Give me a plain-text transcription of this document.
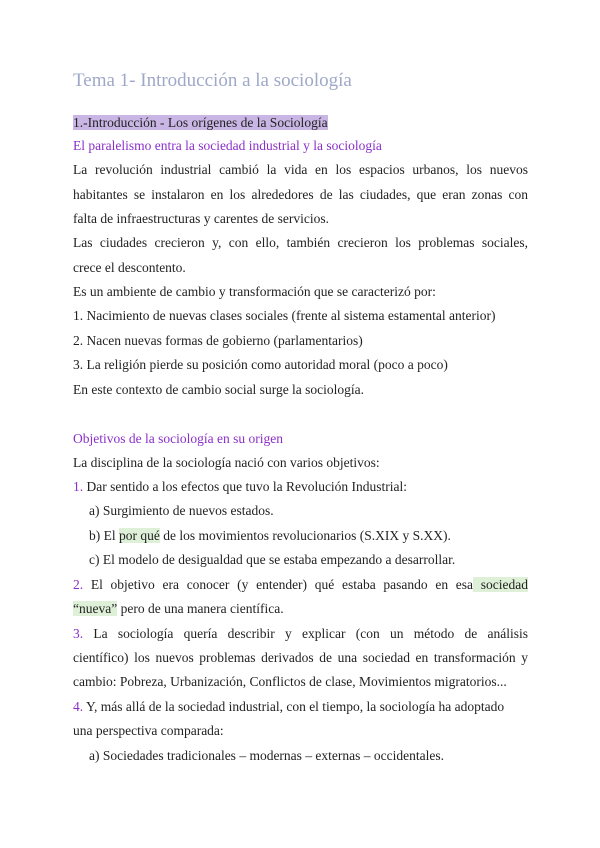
Tema 1- Introducción a la sociología
1.-Introducción - Los orígenes de la Sociología
El paralelismo entra la sociedad industrial y la sociología
La revolución industrial cambió la vida en los espacios urbanos, los nuevos
habitantes se instalaron en los alrededores de las ciudades, que eran zonas con
falta de infraestructuras y carentes de servicios.
Las ciudades crecieron y, con ello, también crecieron los problemas sociales,
crece el descontento.
Es un ambiente de cambio y transformación que se caracterizó por:
1. Nacimiento de nuevas clases sociales (frente al sistema estamental anterior)
2. Nacen nuevas formas de gobierno (parlamentarios)
3. La religión pierde su posición como autoridad moral (poco a poco)
En este contexto de cambio social surge la sociología.
Objetivos de la sociología en su origen
La disciplina de la sociología nació con varios objetivos:
1. Dar sentido a los efectos que tuvo la Revolución Industrial:
a) Surgimiento de nuevos estados.
b) El por qué de los movimientos revolucionarios (S.XIX y S.XX).
c) El modelo de desigualdad que se estaba empezando a desarrollar.
2. El objetivo era conocer (y entender) qué estaba pasando en esa sociedad
“nueva” pero de una manera científica.
3. La sociología quería describir y explicar (con un método de análisis
científico) los nuevos problemas derivados de una sociedad en transformación y
cambio: Pobreza, Urbanización, Conflictos de clase, Movimientos migratorios...
4. Y, más allá de la sociedad industrial, con el tiempo, la sociología ha adoptado
una perspectiva comparada:
a) Sociedades tradicionales – modernas – externas – occidentales.
